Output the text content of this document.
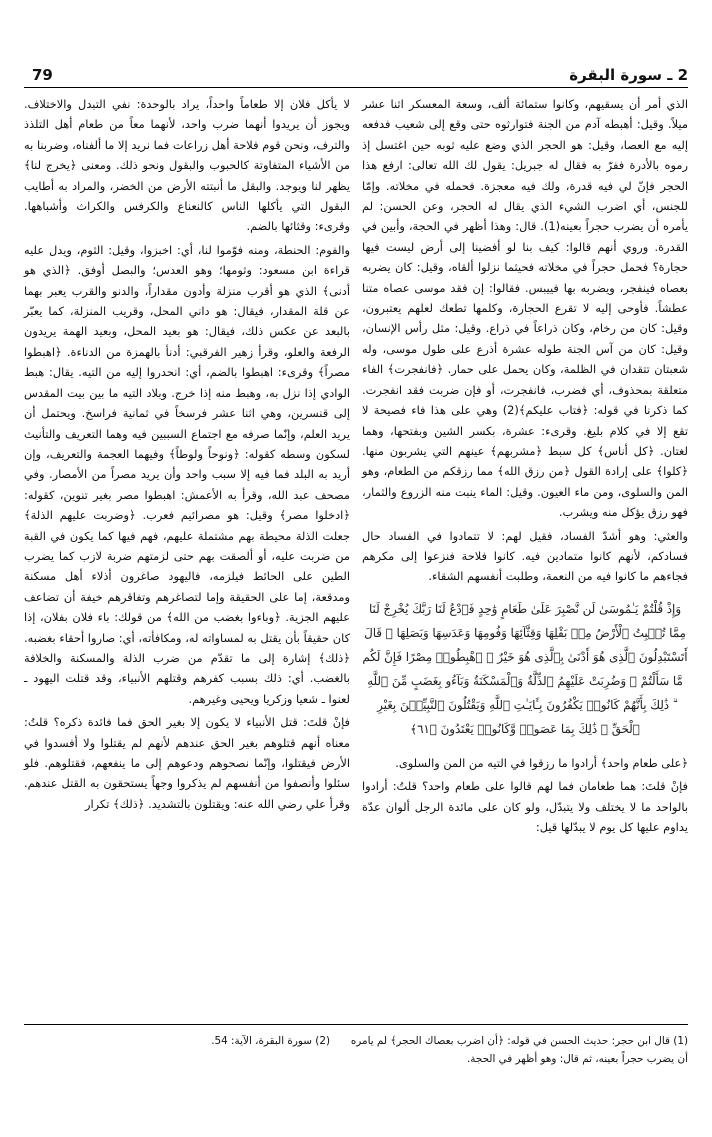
2 ـ سورة البقرة
79

الذي أمر أن يسقيهم، وكانوا ستمائة ألف، وسعة المعسكر اثنا عشر ميلاً. وقيل: أهبطه آدم من الجنة فتوارثوه حتى وقع إلى شعيب فدفعه إليه مع العصا، وقيل: هو الحجر الذي وضع عليه ثوبه حين اغتسل إذ رموه بالأدرة ففرّ به فقال له جبريل: يقول لك الله تعالى: ارفع هذا الحجر فإنّ لي فيه قدرة، ولك فيه معجزة. فحمله في مخلاته. وإمّا للجنس، أي اضرب الشيء الذي يقال له الحجر، وعن الحسن: لم يأمره أن يضرب حجراً بعينه(1). قال: وهذا أظهر في الحجة، وأبين في القدرة. وروي أنهم قالوا: كيف بنا لو أفضينا إلى أرض ليست فيها حجارة؟ فحمل حجراً في مخلاته فحيثما نزلوا ألقاه، وقيل: كان يضربه بعصاه فينفجر، ويضربه بها فييبس. فقالوا: إن فقد موسى عصاه متنا عطشاً. فأوحى إليه لا تقرع الحجارة، وكلمها تطعك لعلهم يعتبرون، وقيل: كان من رخام، وكان ذراعاً في ذراع. وقيل: مثل رأس الإنسان، وقيل: كان من آس الجنة طوله عشرة أذرع على طول موسى، وله شعبتان تتقدان في الظلمة، وكان يحمل على حمار. ﴿فانفجرت﴾ الفاء متعلقة بمحذوف، أي فضرب، فانفجرت، أو فإن ضربت فقد انفجرت. كما ذكرنا في قوله: ﴿فتاب عليكم﴾(2) وهي على هذا فاء فصيحة لا تقع إلا في كلام بليغ. وقرىء: عشرة، بكسر الشين وبفتحها، وهما لغتان. ﴿كل أناس﴾ كل سبط ﴿مشربهم﴾ عينهم التي يشربون منها. ﴿كلوا﴾ على إرادة القول ﴿من رزق الله﴾ مما رزقكم من الطعام، وهو المن والسلوى، ومن ماء العيون. وقيل: الماء ينبت منه الزروع والثمار، فهو رزق يؤكل منه ويشرب.

والعثي: وهو أشدّ الفساد، فقيل لهم: لا تتمادوا في الفساد حال فسادكم، لأنهم كانوا متمادين فيه. كانوا فلاحة فنزعوا إلى مكرهم فجاءهم ما كانوا فيه من النعمة، وطلبت أنفسهم الشقاء.

وَإِذْ قُلْتُمْ يَـٰمُوسَىٰ لَن نَّصْبِرَ عَلَىٰ طَعَامٍ وَٰحِدٍ فَٱدْعُ لَنَا رَبَّكَ يُخْرِجْ لَنَا مِمَّا تُنۢبِتُ ٱلْأَرْضُ مِنۢ بَقْلِهَا وَقِثَّآئِهَا وَفُومِهَا وَعَدَسِهَا وَبَصَلِهَا ۖ قَالَ أَتَسْتَبْدِلُونَ ٱلَّذِى هُوَ أَدْنَىٰ بِٱلَّذِى هُوَ خَيْرٌ ۚ ٱهْبِطُوا۟ مِصْرًا فَإِنَّ لَكُم مَّا سَأَلْتُمْ ۗ وَضُرِبَتْ عَلَيْهِمُ ٱلذِّلَّةُ وَٱلْمَسْكَنَةُ وَبَآءُو بِغَضَبٍ مِّنَ ٱللَّهِ ۗ ذَٰلِكَ بِأَنَّهُمْ كَانُوا۟ يَكْفُرُونَ بِـَٔايَـٰتِ ٱللَّهِ وَيَقْتُلُونَ ٱلنَّبِيِّـۧنَ بِغَيْرِ ٱلْحَقِّ ۗ ذَٰلِكَ بِمَا عَصَوا۟ وَّكَانُوا۟ يَعْتَدُونَ ﴿٦١﴾

﴿على طعام واحد﴾ أرادوا ما رزقوا في التيه من المن والسلوى.

فإنْ قلتَ: هما طعامان فما لهم قالوا على طعام واحد؟ قلتُ: أرادوا بالواحد ما لا يختلف ولا يتبدّل، ولو كان على مائدة الرجل ألوان عدّة يداوم عليها كل يوم لا يبدّلها قيل:

لا يأكل فلان إلا طعاماً واحداً، يراد بالوحدة: نفي التبدل والاختلاف. ويجوز أن يريدوا أنهما ضرب واحد، لأنهما معاً من طعام أهل التلذذ والترف، ونحن قوم فلاحة أهل زراعات فما نريد إلا ما ألفناه، وضربنا به من الأشياء المتفاوتة كالحبوب والبقول ونحو ذلك. ومعنى ﴿يخرج لنا﴾ يظهر لنا ويوجد. والبقل ما أنبتته الأرض من الخضر، والمراد به أطايب البقول التي يأكلها الناس كالنعناع والكرفس والكراث وأشباهها. وقرىء: وقثائها بالضم.

والفوم: الحنطة، ومنه فوّموا لنا، أي: اخبزوا، وقيل: الثوم، ويدل عليه قراءة ابن مسعود: وثومها؛ وهو العدس؛ والبصل أوفق. ﴿الذي هو أدنى﴾ الذي هو أقرب منزلة وأدون مقداراً، والدنو والقرب يعبر بهما عن قلة المقدار، فيقال: هو داني المحل، وقريب المنزلة، كما يعبّر بالبعد عن عكس ذلك، فيقال: هو بعيد المحل، وبعيد الهمة يريدون الرفعة والعلو، وقرأ زهير الفرقبي: أدنأ بالهمزة من الدناءة. ﴿اهبطوا مصراً﴾ وقرىء: اهبطوا بالضم، أي: انحدروا إليه من التيه. يقال: هبط الوادي إذا نزل به، وهبط منه إذا خرج. وبلاد التيه ما بين بيت المقدس إلى قنسرين، وهي اثنا عشر فرسخاً في ثمانية فراسخ. ويحتمل أن يريد العلم، وإنّما صرفه مع اجتماع السببين فيه وهما التعريف والتأنيث لسكون وسطه كقوله: ﴿ونوحاً ولوطاً﴾ وفيهما العجمة والتعريف، وإن أريد به البلد فما فيه إلا سبب واحد وأن يريد مصراً من الأمصار. وفي مصحف عبد الله، وقرأ به الأعمش: اهبطوا مصر بغير تنوين، كقوله: ﴿ادخلوا مصر﴾ وقيل: هو مصرائيم فعرب. ﴿وضربت عليهم الذلة﴾ جعلت الذلة محيطة بهم مشتملة عليهم، فهم فيها كما يكون في القبة من ضربت عليه، أو ألصقت بهم حتى لزمتهم ضربة لازب كما يضرب الطين على الحائط فيلزمه، فاليهود صاغرون أذلاء أهل مسكنة ومدقعة، إما على الحقيقة وإما لتصاغرهم وتفاقرهم خيفة أن تضاعف عليهم الجزية. ﴿وباءوا بغضب من الله﴾ من قولك: باء فلان بفلان، إذا كان حقيقاً بأن يقتل به لمساواته له، ومكافأته، أي: صاروا أحقاء بغضبه. ﴿ذلك﴾ إشارة إلى ما تقدّم من ضرب الذلة والمسكنة والخلافة بالغضب. أي: ذلك بسبب كفرهم وقتلهم الأنبياء، وقد قتلت اليهود ـ لعنوا ـ شعيا وزكريا ويحيى وغيرهم.

فإنْ قلتَ: قتل الأنبياء لا يكون إلا بغير الحق فما فائدة ذكره؟ قلتُ: معناه أنهم قتلوهم بغير الحق عندهم لأنهم لم يقتلوا ولا أفسدوا في الأرض فيقتلوا، وإنّما نصحوهم ودعوهم إلى ما ينفعهم، فقتلوهم. فلو سئلوا وأنصفوا من أنفسهم لم يذكروا وجهاً يستحقون به القتل عندهم. وقرأ علي رضي الله عنه: ويقتلون بالتشديد. ﴿ذلك﴾ تكرار

(1) قال ابن حجر: حديث الحسن في قوله: ﴿أن اضرب بعصاك الحجر﴾ لم يامره أن يضرب حجراً بعينه، ثم قال: وهو أظهر في الحجة.
(2) سورة البقرة، الآية: 54.
